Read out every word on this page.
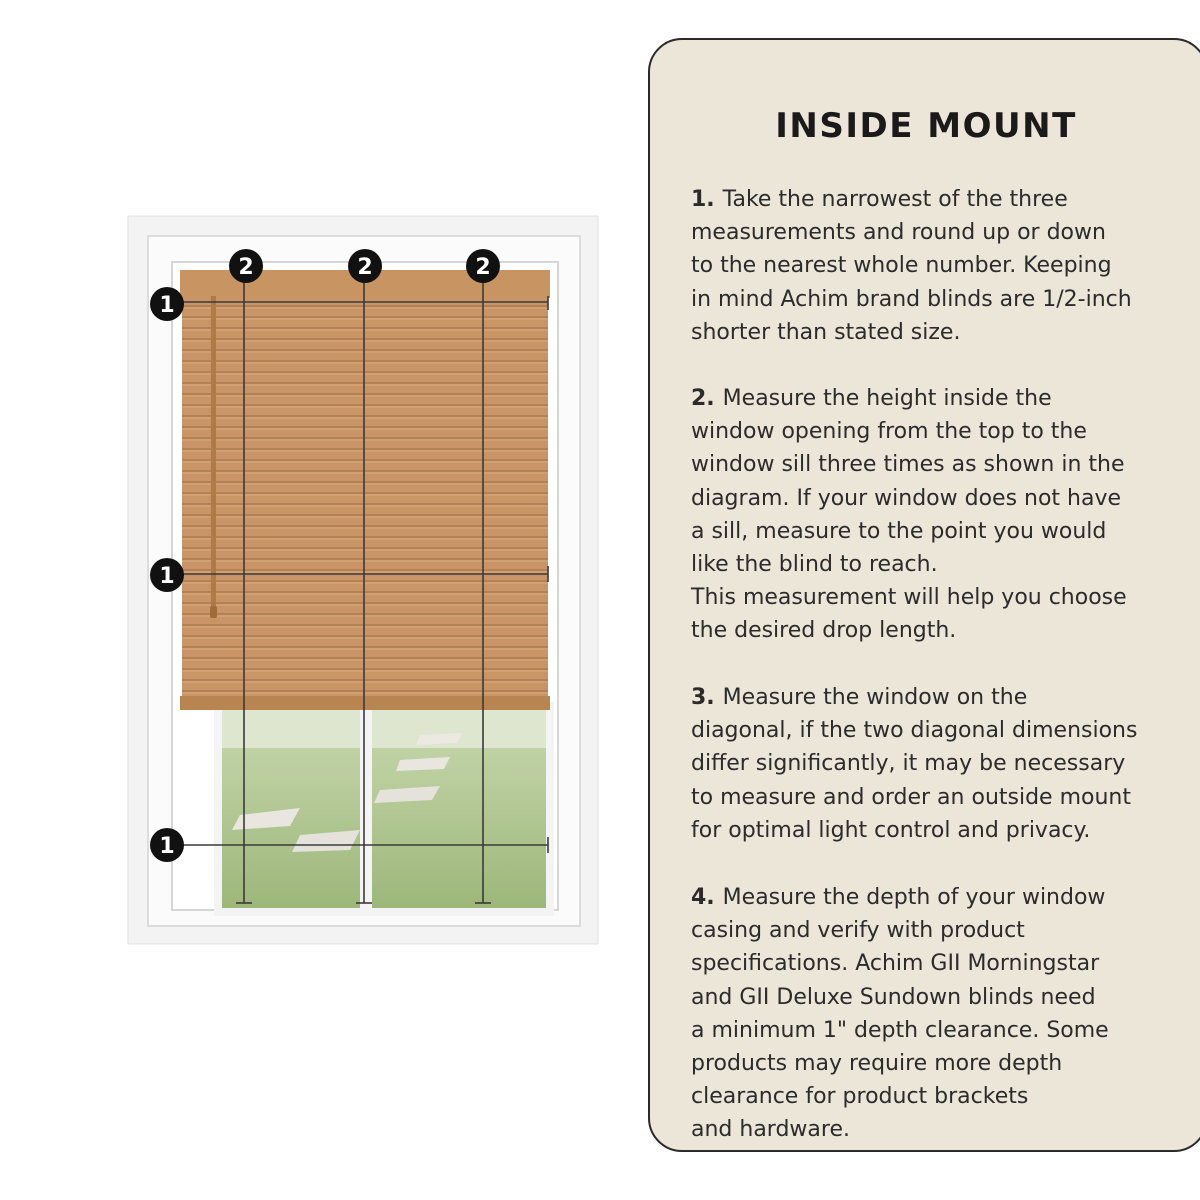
1
1
1
2	2	2
INSIDE MOUNT

1. Take the narrowest of the three
measurements and round up or down
to the nearest whole number. Keeping
in mind Achim brand blinds are 1/2-inch
shorter than stated size.

2. Measure the height inside the
window opening from the top to the
window sill three times as shown in the
diagram. If your window does not have
a sill, measure to the point you would
like the blind to reach.
This measurement will help you choose
the desired drop length.

3. Measure the window on the
diagonal, if the two diagonal dimensions
differ significantly, it may be necessary
to measure and order an outside mount
for optimal light control and privacy.

4. Measure the depth of your window
casing and verify with product
specifications. Achim GII Morningstar
and GII Deluxe Sundown blinds need
a minimum 1" depth clearance. Some
products may require more depth
clearance for product brackets
and hardware.
